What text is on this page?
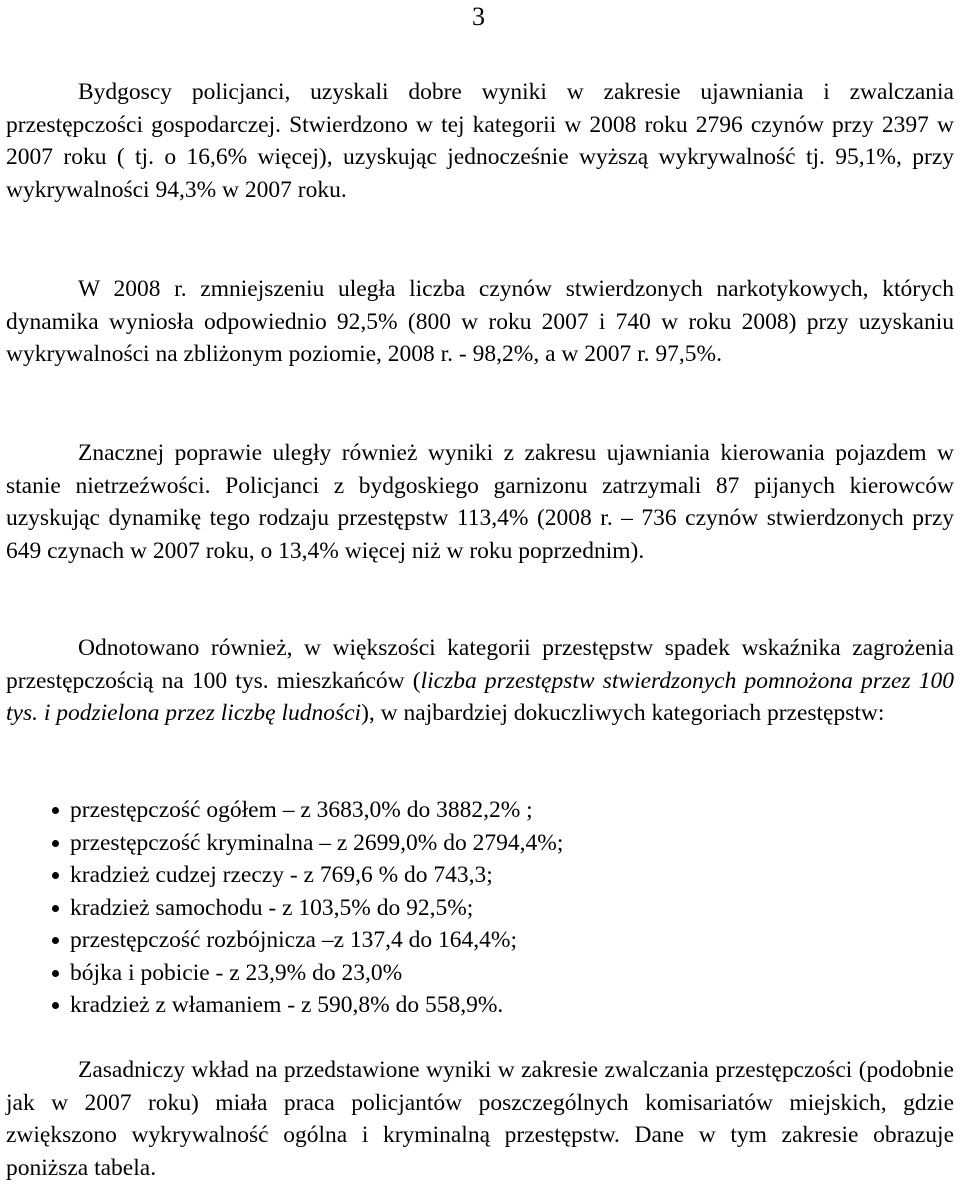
3

Bydgoscy policjanci, uzyskali dobre wyniki w zakresie ujawniania i zwalczania przestępczości gospodarczej. Stwierdzono w tej kategorii w 2008 roku 2796 czynów przy 2397 w 2007 roku ( tj. o 16,6% więcej), uzyskując jednocześnie wyższą wykrywalność tj. 95,1%, przy wykrywalności 94,3% w 2007 roku.

W 2008 r. zmniejszeniu uległa liczba czynów stwierdzonych narkotykowych, których dynamika wyniosła odpowiednio 92,5% (800 w roku 2007 i 740 w roku 2008) przy uzyskaniu wykrywalności na zbliżonym poziomie, 2008 r. - 98,2%, a w 2007 r. 97,5%.

Znacznej poprawie uległy również wyniki z zakresu ujawniania kierowania pojazdem w stanie nietrzeźwości. Policjanci z bydgoskiego garnizonu zatrzymali 87 pijanych kierowców uzyskując dynamikę tego rodzaju przestępstw 113,4% (2008 r. – 736 czynów stwierdzonych przy 649 czynach w 2007 roku, o 13,4% więcej niż w roku poprzednim).

Odnotowano również, w większości kategorii przestępstw spadek wskaźnika zagrożenia przestępczością na 100 tys. mieszkańców (liczba przestępstw stwierdzonych pomnożona przez 100 tys. i podzielona przez liczbę ludności), w najbardziej dokuczliwych kategoriach przestępstw:

przestępczość ogółem – z 3683,0% do 3882,2% ;
przestępczość kryminalna – z 2699,0% do 2794,4%;
kradzież cudzej rzeczy - z 769,6 % do 743,3;
kradzież samochodu - z 103,5% do 92,5%;
przestępczość rozbójnicza –z 137,4 do 164,4%;
bójka i pobicie - z 23,9% do 23,0%
kradzież z włamaniem - z 590,8% do 558,9%.

Zasadniczy wkład na przedstawione wyniki w zakresie zwalczania przestępczości (podobnie jak w 2007 roku) miała praca policjantów poszczególnych komisariatów miejskich, gdzie zwiększono wykrywalność ogólna i kryminalną przestępstw. Dane w tym zakresie obrazuje poniższa tabela.
